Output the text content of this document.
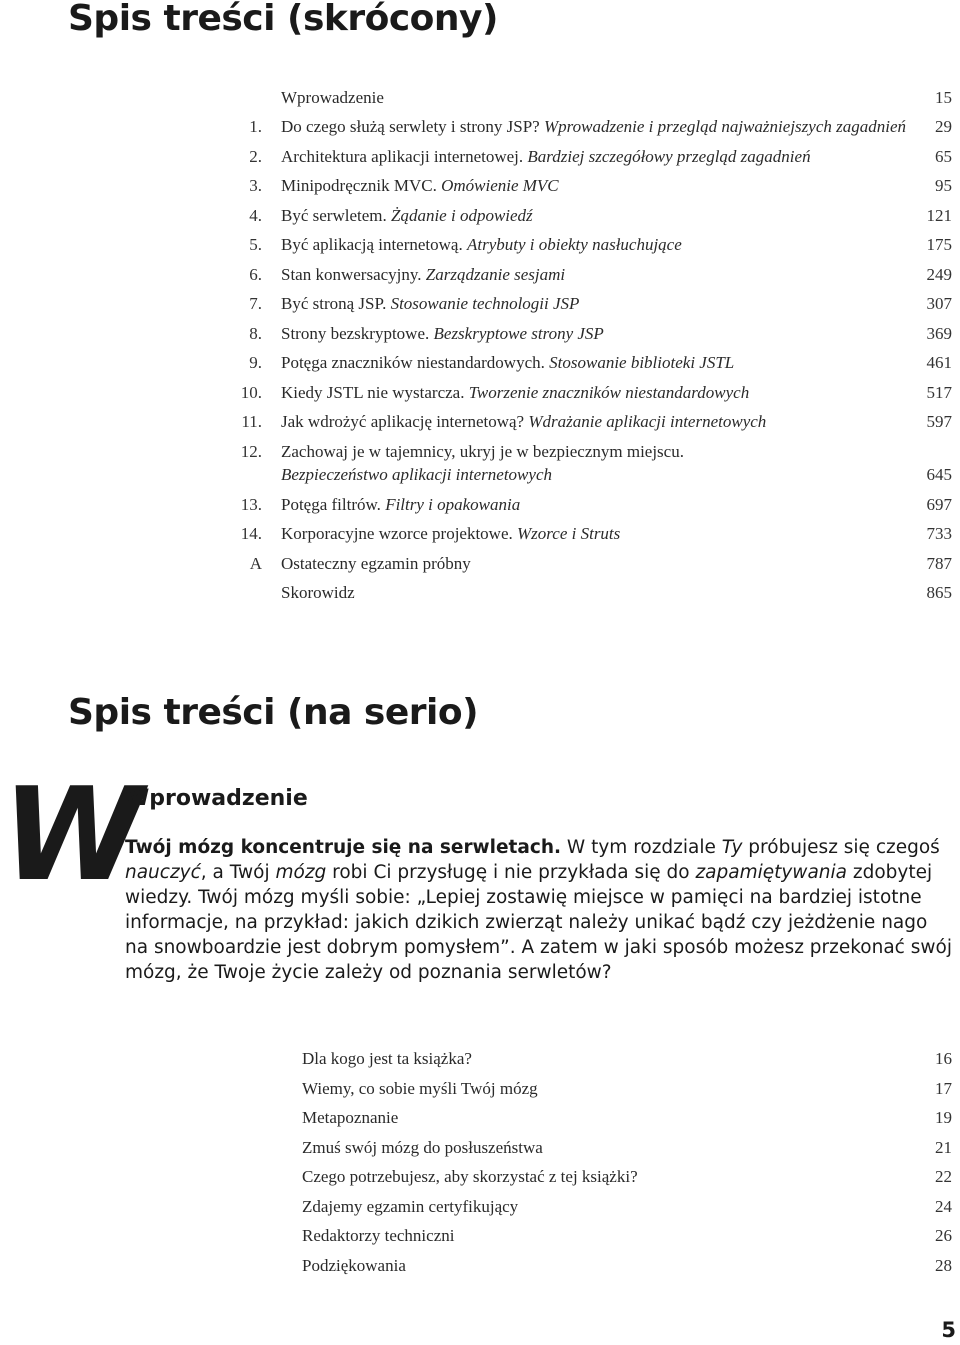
Spis treści (skrócony)
Wprowadzenie	15
1. Do czego służą serwlety i strony JSP? Wprowadzenie i przegląd najważniejszych zagadnień 29
2. Architektura aplikacji internetowej. Bardziej szczegółowy przegląd zagadnień	65
3. Minipodręcznik MVC. Omówienie MVC	95
4. Być serwletem. Żądanie i odpowiedź	121
5. Być aplikacją internetową. Atrybuty i obiekty nasłuchujące	175
6. Stan konwersacyjny. Zarządzanie sesjami	249
7. Być stroną JSP. Stosowanie technologii JSP	307
8. Strony bezskryptowe. Bezskryptowe strony JSP	369
9. Potęga znaczników niestandardowych. Stosowanie biblioteki JSTL	461
10. Kiedy JSTL nie wystarcza. Tworzenie znaczników niestandardowych	517
11. Jak wdrożyć aplikację internetową? Wdrażanie aplikacji internetowych	597
12. Zachowaj je w tajemnicy, ukryj je w bezpiecznym miejscu.
Bezpieczeństwo aplikacji internetowych	645
13. Potęga filtrów. Filtry i opakowania	697
14. Korporacyjne wzorce projektowe. Wzorce i Struts	733
A Ostateczny egzamin próbny	787
Skorowidz	865
Spis treści (na serio)
W
Wprowadzenie

Twój mózg koncentruje się na serwletach. W tym rozdziale Ty próbujesz się czegoś nauczyć, a Twój mózg robi Ci przysługę i nie przykłada się do zapamiętywania zdobytej wiedzy. Twój mózg myśli sobie: „Lepiej zostawię miejsce w pamięci na bardziej istotne informacje, na przykład: jakich dzikich zwierząt należy unikać bądź czy jeżdżenie nago na snowboardzie jest dobrym pomysłem”. A zatem w jaki sposób możesz przekonać swój mózg, że Twoje życie zależy od poznania serwletów?

Dla kogo jest ta książka?	16
Wiemy, co sobie myśli Twój mózg	17
Metapoznanie	19
Zmuś swój mózg do posłuszeństwa	21
Czego potrzebujesz, aby skorzystać z tej książki?	22
Zdajemy egzamin certyfikujący	24
Redaktorzy techniczni	26
Podziękowania	28
5
